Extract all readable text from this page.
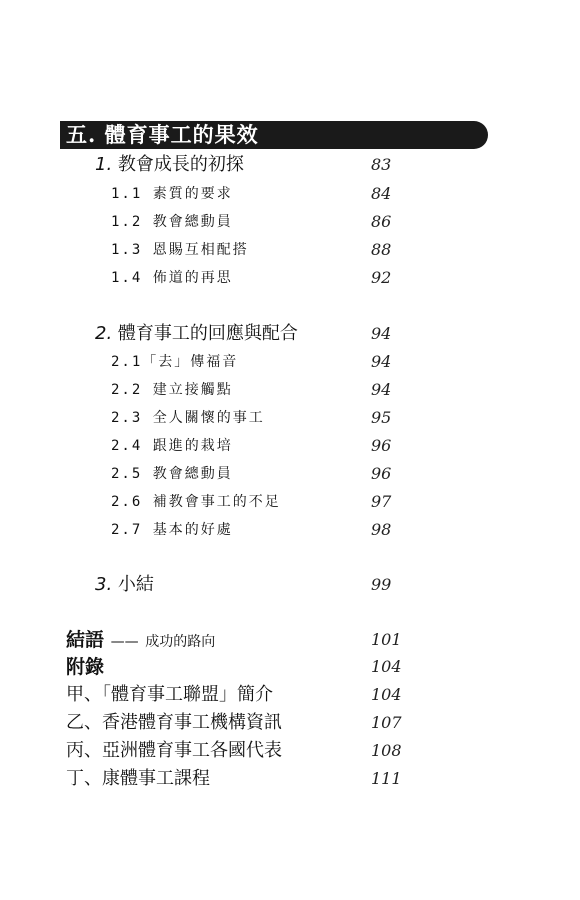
五. 體育事工的果效
1. 教會成長的初探	83
1.1 素質的要求	84
1.2 教會總動員	86
1.3 恩賜互相配搭	88
1.4 佈道的再思	92
2. 體育事工的回應與配合	94
2.1「去」傳福音	94
2.2 建立接觸點	94
2.3 全人關懷的事工	95
2.4 跟進的栽培	96
2.5 教會總動員	96
2.6 補教會事工的不足	97
2.7 基本的好處	98
3. 小結	99
結語 —— 成功的路向	101
附錄	104
甲、「體育事工聯盟」簡介	104
乙、香港體育事工機構資訊	107
丙、亞洲體育事工各國代表	108
丁、康體事工課程	111
